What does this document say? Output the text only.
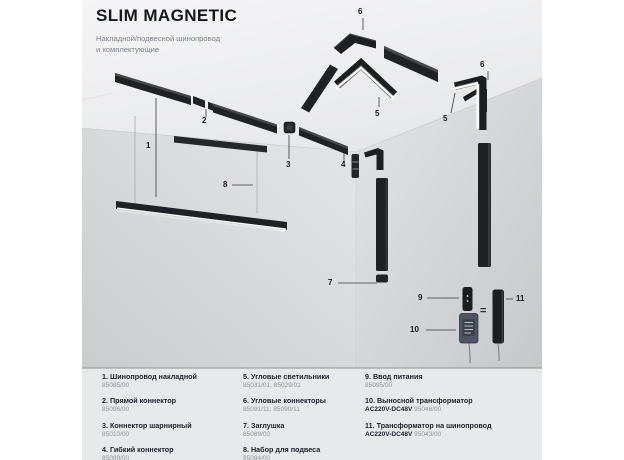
SLIM MAGNETIC

Накладной/подвесной шинопровод
и комплектующие

1
2
3	4
5
5
6
6
7
8
9
10
11
=
1. Шинопровод накладной
85085/00
2. Прямой коннектор
85096/00
3. Коннектор шарнирный
85010/00
4. Гибкий коннектор
85099/00
5. Угловые светильники
85031/01, 85029/01
6. Угловые коннекторы
85091/11, 85090/11
7. Заглушка
85089/00
8. Набор для подвеса
85094/00
9. Ввод питания
85095/00
10. Выносной трансформатор
AC220V-DC48V 95046/00
11. Трансформатор на шинопровод
AC220V-DC48V 95043/00
